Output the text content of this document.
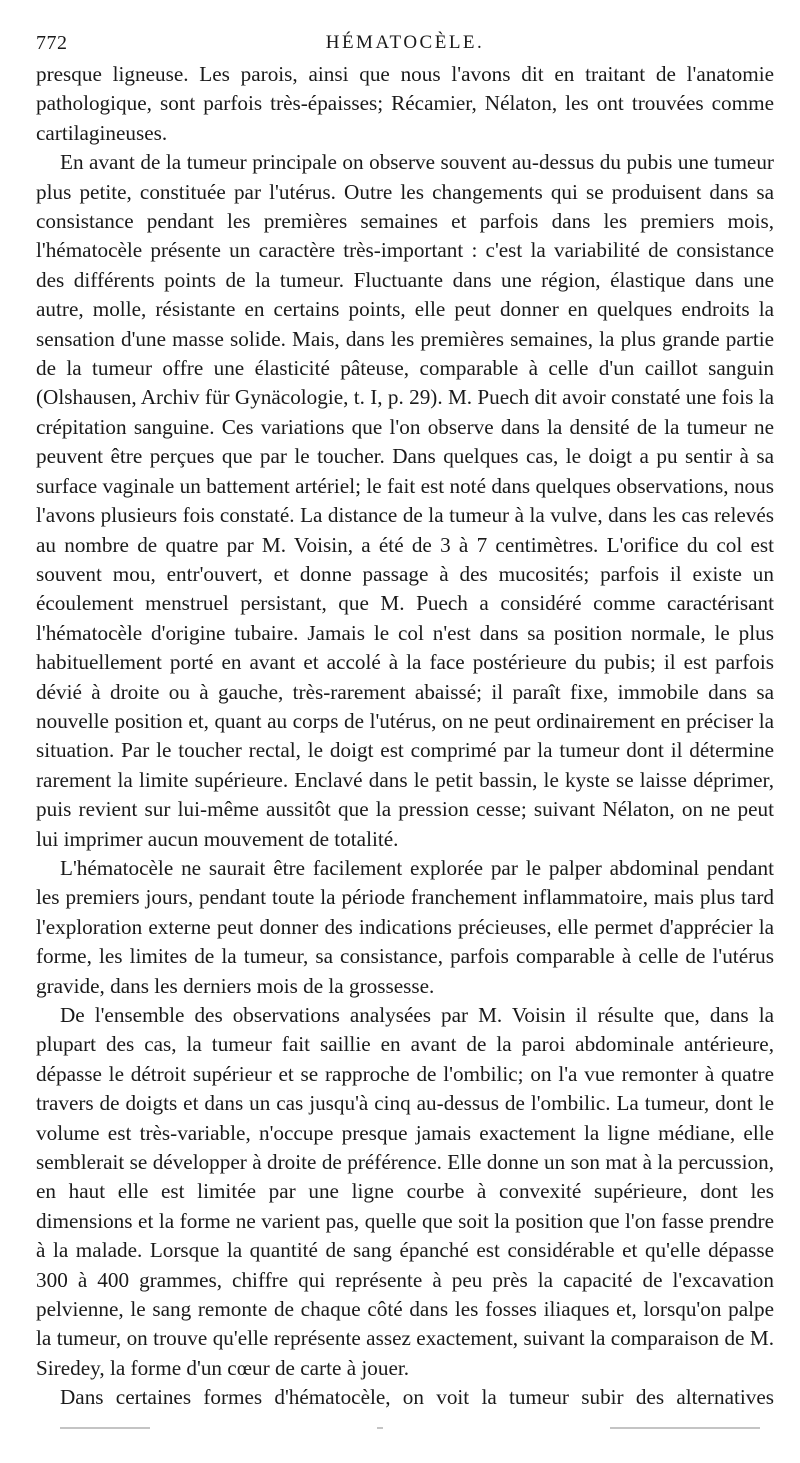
772	HÉMATOCÈLE.

presque ligneuse. Les parois, ainsi que nous l'avons dit en traitant de l'anatomie pathologique, sont parfois très-épaisses; Récamier, Nélaton, les ont trouvées comme cartilagineuses.

En avant de la tumeur principale on observe souvent au-dessus du pubis une tumeur plus petite, constituée par l'utérus. Outre les changements qui se produisent dans sa consistance pendant les premières semaines et parfois dans les premiers mois, l'hématocèle présente un caractère très-important : c'est la variabilité de consistance des différents points de la tumeur. Fluctuante dans une région, élastique dans une autre, molle, résistante en certains points, elle peut donner en quelques endroits la sensation d'une masse solide. Mais, dans les premières semaines, la plus grande partie de la tumeur offre une élasticité pâteuse, comparable à celle d'un caillot sanguin (Olshausen, Archiv für Gynäcologie, t. I, p. 29). M. Puech dit avoir constaté une fois la crépitation sanguine. Ces variations que l'on observe dans la densité de la tumeur ne peuvent être perçues que par le toucher. Dans quelques cas, le doigt a pu sentir à sa surface vaginale un battement artériel; le fait est noté dans quelques observations, nous l'avons plusieurs fois constaté. La distance de la tumeur à la vulve, dans les cas relevés au nombre de quatre par M. Voisin, a été de 3 à 7 centimètres. L'orifice du col est souvent mou, entr'ouvert, et donne passage à des mucosités; parfois il existe un écoulement menstruel persistant, que M. Puech a considéré comme caractérisant l'hématocèle d'origine tubaire. Jamais le col n'est dans sa position normale, le plus habituellement porté en avant et accolé à la face postérieure du pubis; il est parfois dévié à droite ou à gauche, très-rarement abaissé; il paraît fixe, immobile dans sa nouvelle position et, quant au corps de l'utérus, on ne peut ordinairement en préciser la situation. Par le toucher rectal, le doigt est comprimé par la tumeur dont il détermine rarement la limite supérieure. Enclavé dans le petit bassin, le kyste se laisse déprimer, puis revient sur lui-même aussitôt que la pression cesse; suivant Nélaton, on ne peut lui imprimer aucun mouvement de totalité.

L'hématocèle ne saurait être facilement explorée par le palper abdominal pendant les premiers jours, pendant toute la période franchement inflammatoire, mais plus tard l'exploration externe peut donner des indications précieuses, elle permet d'apprécier la forme, les limites de la tumeur, sa consistance, parfois comparable à celle de l'utérus gravide, dans les derniers mois de la grossesse.

De l'ensemble des observations analysées par M. Voisin il résulte que, dans la plupart des cas, la tumeur fait saillie en avant de la paroi abdominale antérieure, dépasse le détroit supérieur et se rapproche de l'ombilic; on l'a vue remonter à quatre travers de doigts et dans un cas jusqu'à cinq au-dessus de l'ombilic. La tumeur, dont le volume est très-variable, n'occupe presque jamais exactement la ligne médiane, elle semblerait se développer à droite de préférence. Elle donne un son mat à la percussion, en haut elle est limitée par une ligne courbe à convexité supérieure, dont les dimensions et la forme ne varient pas, quelle que soit la position que l'on fasse prendre à la malade. Lorsque la quantité de sang épanché est considérable et qu'elle dépasse 300 à 400 grammes, chiffre qui représente à peu près la capacité de l'excavation pelvienne, le sang remonte de chaque côté dans les fosses iliaques et, lorsqu'on palpe la tumeur, on trouve qu'elle représente assez exactement, suivant la comparaison de M. Siredey, la forme d'un cœur de carte à jouer.

Dans certaines formes d'hématocèle, on voit la tumeur subir des alternatives
